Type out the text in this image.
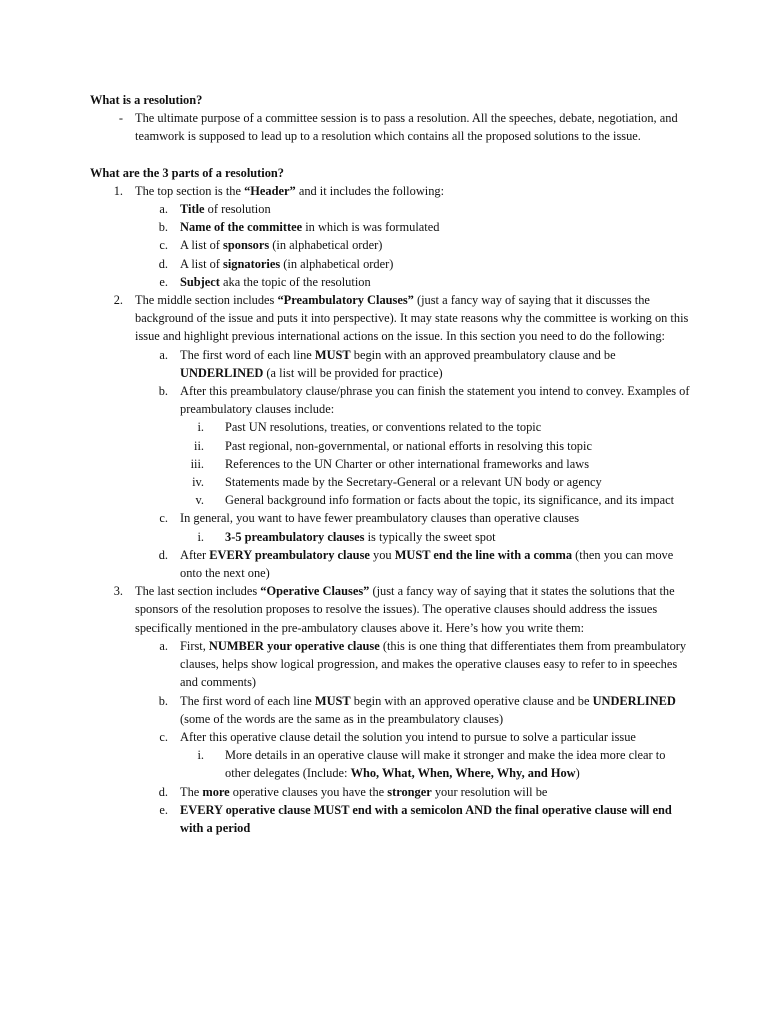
What is a resolution?
- The ultimate purpose of a committee session is to pass a resolution. All the speeches, debate, negotiation, and teamwork is supposed to lead up to a resolution which contains all the proposed solutions to the issue.
What are the 3 parts of a resolution?
1. The top section is the “Header” and it includes the following:
a. Title of resolution
b. Name of the committee in which is was formulated
c. A list of sponsors (in alphabetical order)
d. A list of signatories (in alphabetical order)
e. Subject aka the topic of the resolution
2. The middle section includes “Preambulatory Clauses” (just a fancy way of saying that it discusses the background of the issue and puts it into perspective). It may state reasons why the committee is working on this issue and highlight previous international actions on the issue. In this section you need to do the following:
a. The first word of each line MUST begin with an approved preambulatory clause and be UNDERLINED (a list will be provided for practice)
b. After this preambulatory clause/phrase you can finish the statement you intend to convey. Examples of preambulatory clauses include:
i.	Past UN resolutions, treaties, or conventions related to the topic
ii.	Past regional, non-governmental, or national efforts in resolving this topic
iii.	References to the UN Charter or other international frameworks and laws
iv.	Statements made by the Secretary-General or a relevant UN body or agency
v.	General background info formation or facts about the topic, its significance, and its impact
c. In general, you want to have fewer preambulatory clauses than operative clauses
i.	3-5 preambulatory clauses is typically the sweet spot
d. After EVERY preambulatory clause you MUST end the line with a comma (then you can move onto the next one)
3. The last section includes “Operative Clauses” (just a fancy way of saying that it states the solutions that the sponsors of the resolution proposes to resolve the issues). The operative clauses should address the issues specifically mentioned in the pre-ambulatory clauses above it. Here’s how you write them:
a. First, NUMBER your operative clause (this is one thing that differentiates them from preambulatory clauses, helps show logical progression, and makes the operative clauses easy to refer to in speeches and comments)
b. The first word of each line MUST begin with an approved operative clause and be UNDERLINED (some of the words are the same as in the preambulatory clauses)
c. After this operative clause detail the solution you intend to pursue to solve a particular issue
i.	More details in an operative clause will make it stronger and make the idea more clear to other delegates (Include: Who, What, When, Where, Why, and How)
d. The more operative clauses you have the stronger your resolution will be
e. EVERY operative clause MUST end with a semicolon AND the final operative clause will end with a period
